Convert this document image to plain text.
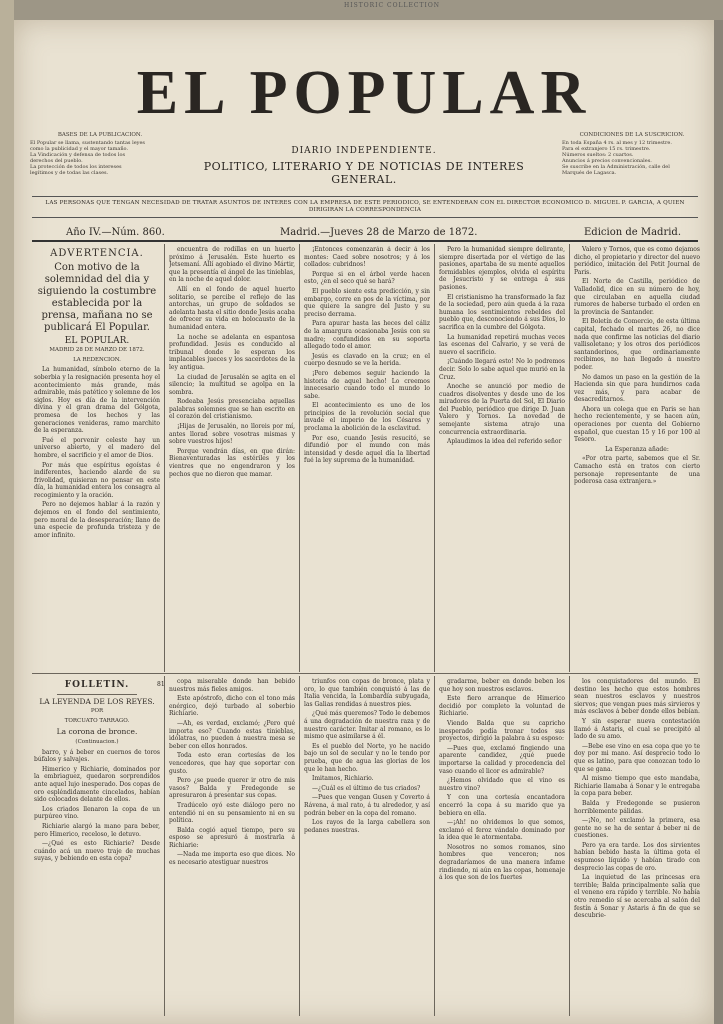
HISTORIC COLLECTION
EL POPULAR
BASES DE LA PUBLICACION.
El Popular se llama, sustentando tantas leyes
como la publicidad y el mayor tamaño.
La Vindicación y defensa de todos los
derechos del pueblo.
La protección de todos los intereses
legítimos y de todas las clases.
CONDICIONES DE LA SUSCRICION.
En toda España 4 rs. al mes y 12 trimestre.
Para el extranjero 15 rs. trimestre.
Números sueltos: 2 cuartos.
Anuncios á precios convencionales.
Se suscribe en la Administración, calle del
Marqués de Lagasca.
DIARIO INDEPENDIENTE.
POLITICO, LITERARIO Y DE NOTICIAS DE INTERES GENERAL.
LAS PERSONAS QUE TENGAN NECESIDAD DE TRATAR ASUNTOS DE INTERES CON LA EMPRESA DE ESTE PERIODICO, SE ENTENDERAN CON EL DIRECTOR ECONOMICO D. MIGUEL P. GARCIA, A QUIEN DIRIGIRAN LA CORRESPONDENCIA
Año IV.—Núm. 860.	Madrid.—Jueves 28 de Marzo de 1872.	Edicion de Madrid.
ADVERTENCIA.

Con motivo de la solemnidad del dia y siguiendo la costumbre establecida por la prensa, mañana no se publicará El Popular.

EL POPULAR.
MADRID 28 DE MARZO DE 1872.
LA REDENCION.

La humanidad, símbolo eterno de la soberbia y la resignación presenta hoy el acontecimiento más grande, más admirable, más patético y solemne de los siglos. Hoy es día de la intervención divina y el gran drama del Gólgota, promesa de los hechos y las generaciones venideras, ramo marchito de la esperanza.

Fué el porvenir celeste hay un universo abierto, y el madero del hombre, el sacrificio y el amor de Dios.

Por más que espíritus egoístas é indiferentes, haciendo alarde de su frivolidad, quisieran no pensar en este día, la humanidad entera los consagra al recogimiento y la oración.

Pero no dejemos hablar á la razón y dejemos en el fondo del sentimiento, pero moral de la desesperación; llano de una especie de profunda tristeza y de amor infinito.

encuentra de rodillas en un huerto próximo á Jerusalén. Este huerto es Jetsemaní. Allí agobiado el divino Mártir, que la presentía el ángel de las tinieblas, en la noche de aquel dolor.

Allí en el fondo de aquel huerto solitario, se percibe el reflejo de las antorchas, un grupo de soldados se adelanta hasta el sitio donde Jesús acaba de ofrecer su vida en holocausto de la humanidad entera.

La noche se adelanta en espantosa profundidad. Jesús es conducido al tribunal donde le esperan los implacables jueces y los sacerdotes de la ley antigua.

La ciudad de Jerusalén se agita en el silencio; la multitud se agolpa en la sombra.

Rodeaba Jesús presenciaba aquellas palabras solemnes que se han escrito en el corazón del cristianismo.

¡Hijas de Jerusalén, no lloreis por mí, antes llorad sobre vosotras mismas y sobre vuestros hijos!

Porque vendrán días, en que dirán: Bienaventuradas las estériles y los vientres que no engendraron y los pechos que no dieron que mamar.

¡Entonces comenzarán á decir á los montes: Caed sobre nosotros; y á los collados: cubridnos!

Porque si en el árbol verde hacen esto, ¿en el seco qué se hará?

El pueblo siente esta predicción, y sin embargo, corre en pos de la víctima, por que quiere la sangre del Justo y su preciso derrama.

Para apurar hasta las heces del cáliz de la amargura ocasionaba Jesús con su madre; confundidos en su soporta allegado todo el amor.

Jesús es clavado en la cruz; en el cuerpo desnudo se ve la herida.

¡Pero debemos seguir haciendo la historia de aquel hecho! Lo creemos innecesario cuando todo el mundo lo sabe.

El acontecimiento es uno de los principios de la revolución social que invade el imperio de los Césares y proclama la abolición de la esclavitud.

Por eso, cuando Jesús resucitó, se difundió por el mundo con más intensidad y desde aquel día la libertad fué la ley suprema de la humanidad.

Pero la humanidad siempre delirante, siempre disertada por el vértigo de las pasiones, apartaba de su mente aquellos formidables ejemplos, olvida el espíritu de Jesucristo y se entrega á sus pasiones.

El cristianismo ha transformado la faz de la sociedad, pero aún queda á la raza humana los sentimientos rebeldes del pueblo que, desconociendo á sus Dios, lo sacrifica en la cumbre del Gólgota.

La humanidad repetirá muchas veces las escenas del Calvario, y se verá de nuevo el sacrificio.

¡Cuándo llegará esto! No lo podremos decir. Solo lo sabe aquel que murió en la Cruz.

Anoche se anunció por medio de cuadros disolventes y desde uno de los miradores de la Puerta del Sol, El Diario del Pueblo, periódico que dirige D. Juan Valero y Tornos. La novedad de semejante sistema atrajo una concurrencia extraordinaria.

Aplaudimos la idea del referido señor

Valero y Tornos, que es como dejamos dicho, el propietario y director del nuevo periódico, imitación del Petit Journal de Paris.

El Norte de Castilla, periódico de Valladolid, dice en su número de hoy, que circulaban en aquella ciudad rumores de haberse turbado el orden en la provincia de Santander.

El Boletín de Comercio, de esta última capital, fechado el martes 26, no dice nada que confirme las noticias del diario vallisoletano; y los otros dos periódicos santanderinos, que ordinariamente recibimos, no han llegado á nuestro poder.

No damos un paso en la gestión de la Hacienda sin que para hundirnos cada vez más, y para acabar de desacreditarnos.

Ahora un colega que en Paris se han hecho recientemente, y se hacen aún, operaciones por cuenta del Gobierno español, que cuestan 15 y 16 por 100 al Tesoro.

La Esperanza añade:

«Por otra parte, sabemos que el Sr. Camacho está en tratos con cierto personaje representante de una poderosa casa extranjera.»

81
FOLLETIN.
LA LEYENDA DE LOS REYES.
POR
TORCUATO TARRAGO.
La corona de bronce.
(Continuacion.)

barro, y á beber en cuernos de toros búfalos y salvajes.

Himerico y Richiarie, dominados por la embriaguez, quedaron sorprendidos ante aquel lujo inesperado. Dos copas de oro espléndidamente cincelados, habían sido colocados delante de ellos.

Los criados llenaron la copa de un purpúreo vino.

Richiarie alargó la mano para beber, pero Himerico, receloso, le detuvo.

—¿Qué es esto Richiarie? Desde cuándo acá un nuevo traje de muchas suyas, y bebiendo en esta copa?

copa miserable donde han bebido nuestros más fieles amigos.

Este apóstrofo, dicho con el tono más enérgico, dejó turbado al soberbio Richiarie.

—Ah, es verdad, exclamó; ¿Pero qué importa eso? Cuando estas tinieblas, idólatras, no pueden á nuestra mesa se beber con ellos honrados.

Toda esto eran cortesías de los vencedores, que hay que soportar con gusto.

Pero ¿se puede querer ir otro de mis vasos? Balda y Fredegonde se apresuraron á presentar sus copas.

Tradúcelo oyó este diálogo pero no entendió ni en su pensamiento ni en su política.

Balda cogió aquel tiempo, pero su esposo se apresuró á mostrarla á Richiarie:

—Nada me importa eso que dices. No es necesario atestiguar nuestros

triunfos con copas de bronce, plata y oro, lo que también conquistó á las de Italia vencida, la Lombardía subyugada, las Galias rendidas á nuestros pies.

¿Qué más queremos? Todo le debemos á una degradación de nuestra raza y de nuestro carácter. Imitar al romano, es lo mismo que asimilarse á él.

Es el pueblo del Norte, yo he nacido bajo un sol de secular y no le tendo por prueba, que de agua las glorias de los que le han hecho.

Imitamos, Richiario.

—¿Cuál es el último de tus criados?

—Pues que vengan Gusen y Coverto á Rávena, á mal rato, á tu alrededor, y así podrán beber en la copa del romano.

Los rayos de la larga cabellera son pedanes nuestras.

gradarme, beber en donde beben los que hoy son nuestros esclavos.

Este fiero arranque de Himerico decidió por completo la voluntad de Richiarie.

Viendo Balda que su capricho inesperado podía tronar todos sus proyectos, dirigió la palabra á su esposo:

—Pues que, exclamó fingiendo una aparente candidez, ¿qué puede importarse la calidad y procedencia del vaso cuando el licor es admirable?

¿Hemos olvidado que el vino es nuestro vino?

Y con una cortesía encantadora encerró la copa á su marido que ya bebiera en ella.

—¡Ah! no olvidemos lo que somos, exclamó el feroz vándalo dominado por la idea que le atormentaba.

Nosotros no somos romanos, sino hombres que venceron; nos degradaríamos de una manera infame rindiendo, ni aún en las copas, homenaje á los que son de los fuertes

los conquistadores del mundo. El destino les hecho que estos hombres sean nuestros esclavos y nuestros siervos; que vengan pues más sirvieros y más esclavos á beber donde ellos bebían.

Y sin esperar nueva contestación llamó á Astaris, el cual se precipitó al lado de su amo.

—Bebe ese vino en esa copa que yo te doy por mi mano. Así desprecio todo lo que es latino, para que conozcan todo lo que se gana.

Al mismo tiempo que esto mandaba, Richiarie llamaba á Sonar y le entregaba la copa para beber.

Balda y Fredegonde se pusieron horriblemente pálidas.

—¡No, no! exclamó la primera, esa gente no se ha de sentar á beber ni de cuestiones.

Pero ya era tarde. Los dos sirvientes habían bebido hasta la última gota el espumoso líquido y habían tirado con desprecio las copas de oro.

La inquietud de las princesas era terrible; Balda principalmente salía que el veneno era rápido y terrible. No había otro remedio sí se acercaba al salón del festín á Sonar y Astaris á fin de que se descubrie-
